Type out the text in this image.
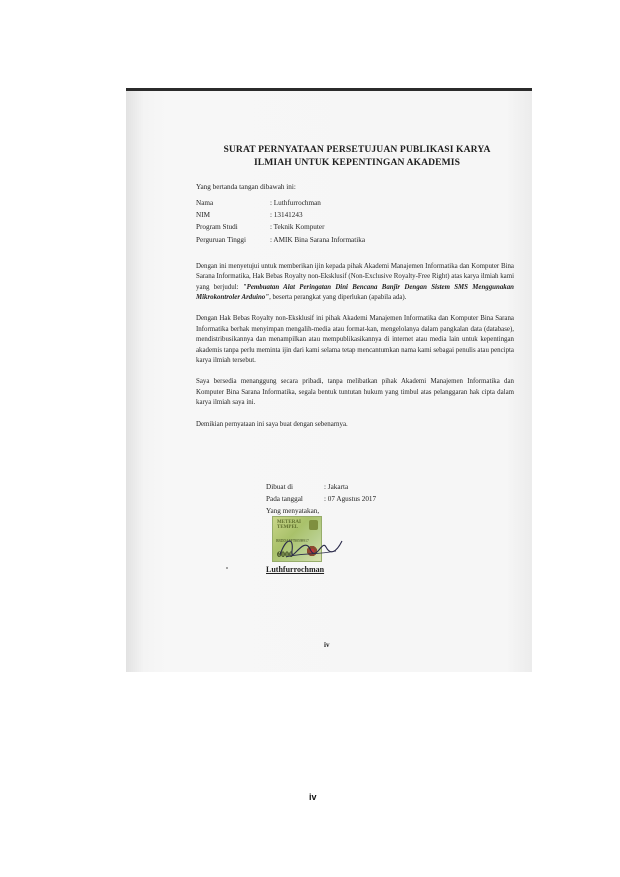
SURAT PERNYATAAN PERSETUJUAN PUBLIKASI KARYA
ILMIAH UNTUK KEPENTINGAN AKADEMIS
Yang bertanda tangan dibawah ini:
Nama	: Luthfurrochman
NIM	: 13141243
Program Studi	: Teknik Komputer
Perguruan Tinggi	: AMIK Bina Sarana Informatika
Dengan ini menyetujui untuk memberikan ijin kepada pihak Akademi Manajemen Informatika dan Komputer Bina Sarana Informatika, Hak Bebas Royalty non-Eksklusif (Non-Exclusive Royalty-Free Right) atas karya ilmiah kami yang berjudul: "Pembuatan Alat Peringatan Dini Bencana Banjir Dengan Sistem SMS Menggunakan Mikrokontroler Arduino", beserta perangkat yang diperlukan (apabila ada).
Dengan Hak Bebas Royalty non-Eksklusif ini pihak Akademi Manajemen Informatika dan Komputer Bina Sarana Informatika berhak menyimpan mengalih-media atau format-kan, mengelolanya dalam pangkalan data (database), mendistribusikannya dan menampilkan atau mempublikasikannya di internet atau media lain untuk kepentingan akademis tanpa perlu meminta ijin dari kami selama tetap mencantumkan nama kami sebagai penulis atau pencipta karya ilmiah tersebut.
Saya bersedia menanggung secara pribadi, tanpa melibatkan pihak Akademi Manajemen Informatika dan Komputer Bina Sarana Informatika, segala bentuk tuntutan hukum yang timbul atas pelanggaran hak cipta dalam karya ilmiah saya ini.
Demikian pernyataan ini saya buat dengan sebenarnya.
Dibuat di	: Jakarta
Pada tanggal	: 07 Agustus 2017
Yang menyatakan,
METERAI TEMPEL
BBDDAFF788598917
6000
Luthfurrochman
iv
iv
